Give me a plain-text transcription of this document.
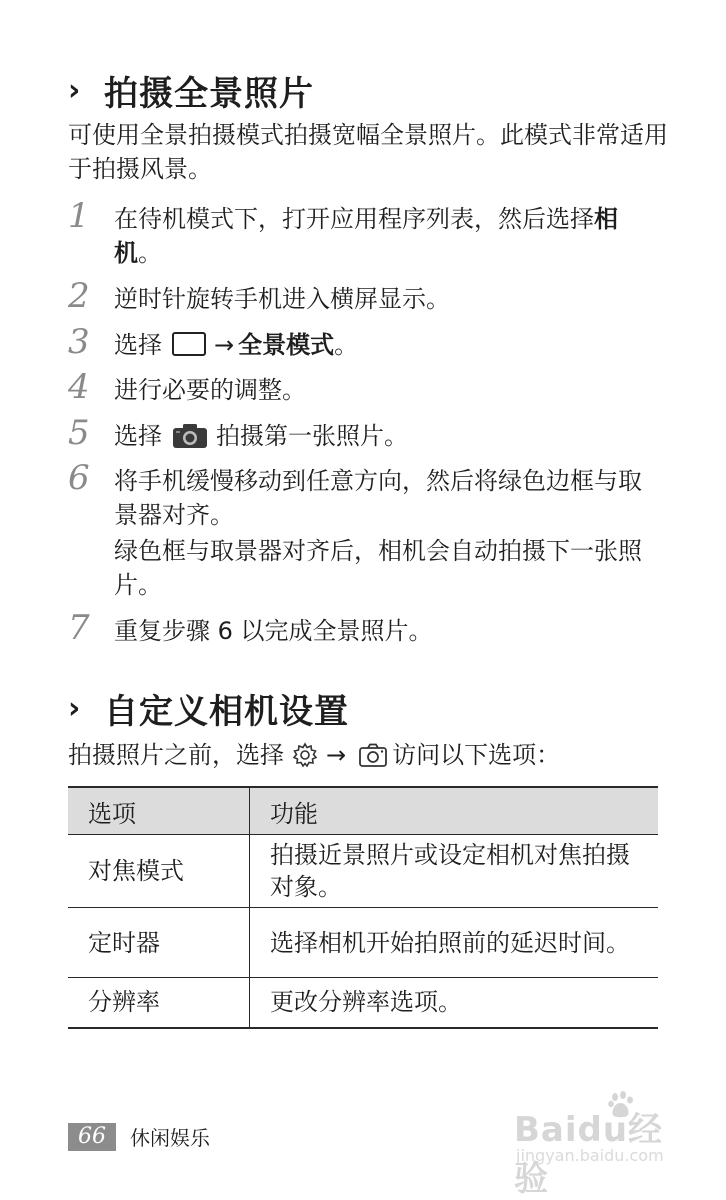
› 拍摄全景照片
可使用全景拍摄模式拍摄宽幅全景照片。此模式非常适用于拍摄风景。
1	在待机模式下，打开应用程序列表，然后选择相机。
2	逆时针旋转手机进入横屏显示。
3	选择 → 全景模式。
4	进行必要的调整。
5	选择 拍摄第一张照片。
6	将手机缓慢移动到任意方向，然后将绿色边框与取景器对齐。
绿色框与取景器对齐后，相机会自动拍摄下一张照片。
7	重复步骤 6 以完成全景照片。
› 自定义相机设置
拍摄照片之前，选择 → 访问以下选项：
选项	功能
对焦模式	拍摄近景照片或设定相机对焦拍摄对象。
定时器	选择相机开始拍照前的延迟时间。
分辨率	更改分辨率选项。
66	休闲娱乐	Baidu经验
jingyan.baidu.com
